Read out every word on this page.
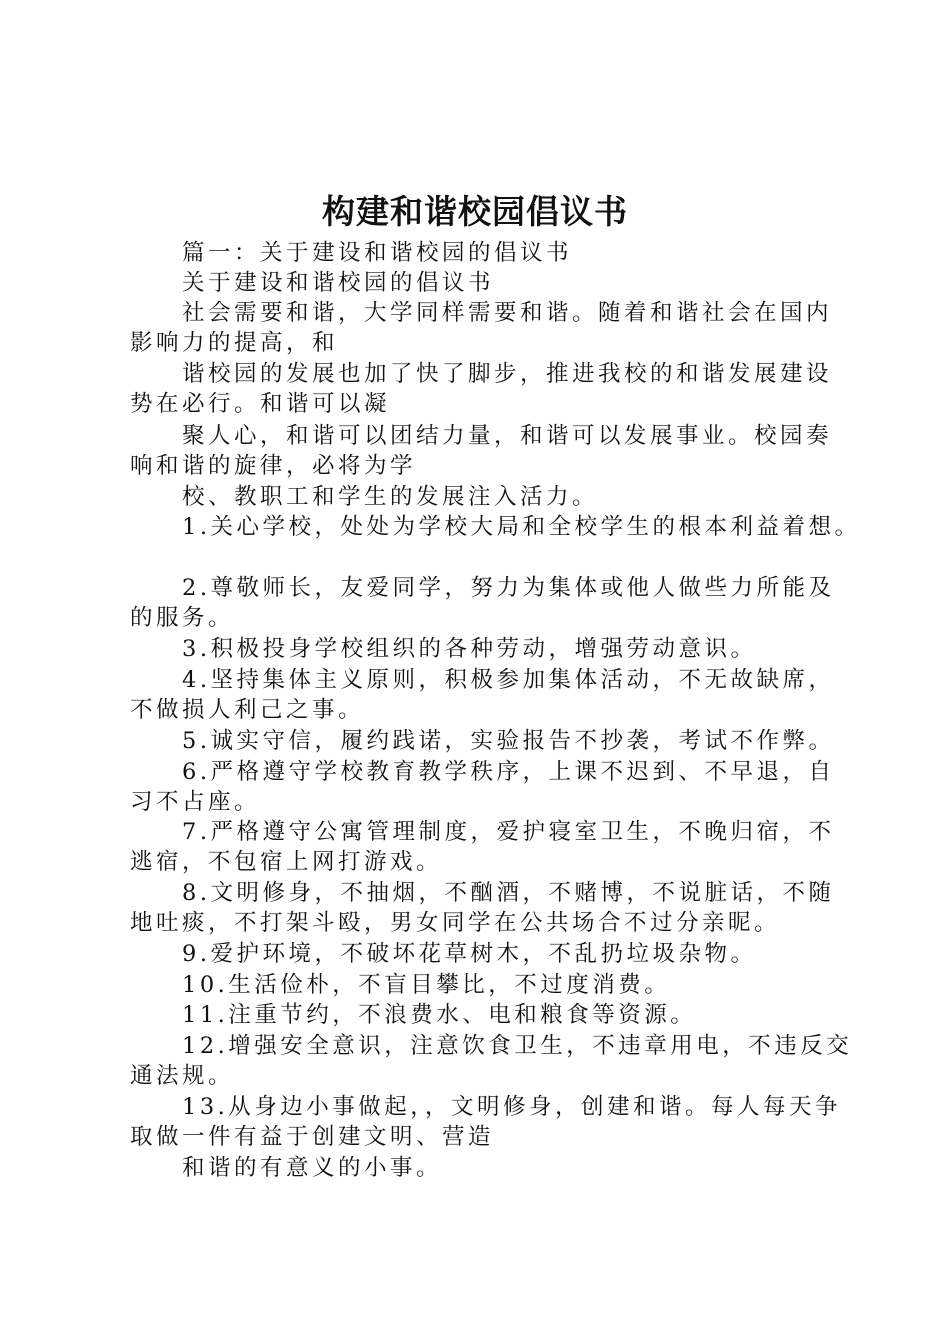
构建和谐校园倡议书
篇一：关于建设和谐校园的倡议书
关于建设和谐校园的倡议书
社会需要和谐，大学同样需要和谐。随着和谐社会在国内
影响力的提高，和
谐校园的发展也加了快了脚步，推进我校的和谐发展建设
势在必行。和谐可以凝
聚人心，和谐可以团结力量，和谐可以发展事业。校园奏
响和谐的旋律，必将为学
校、教职工和学生的发展注入活力。
1.关心学校，处处为学校大局和全校学生的根本利益着想。
2.尊敬师长，友爱同学，努力为集体或他人做些力所能及
的服务。
3.积极投身学校组织的各种劳动，增强劳动意识。
4.坚持集体主义原则，积极参加集体活动，不无故缺席，
不做损人利己之事。
5.诚实守信，履约践诺，实验报告不抄袭，考试不作弊。
6.严格遵守学校教育教学秩序，上课不迟到、不早退，自
习不占座。
7.严格遵守公寓管理制度，爱护寝室卫生，不晚归宿，不
逃宿，不包宿上网打游戏。
8.文明修身，不抽烟，不酗酒，不赌博，不说脏话，不随
地吐痰，不打架斗殴，男女同学在公共场合不过分亲昵。
9.爱护环境，不破坏花草树木，不乱扔垃圾杂物。
10.生活俭朴，不盲目攀比，不过度消费。
11.注重节约，不浪费水、电和粮食等资源。
12.增强安全意识，注意饮食卫生，不违章用电，不违反交
通法规。
13.从身边小事做起，，文明修身，创建和谐。每人每天争
取做一件有益于创建文明、营造
和谐的有意义的小事。
